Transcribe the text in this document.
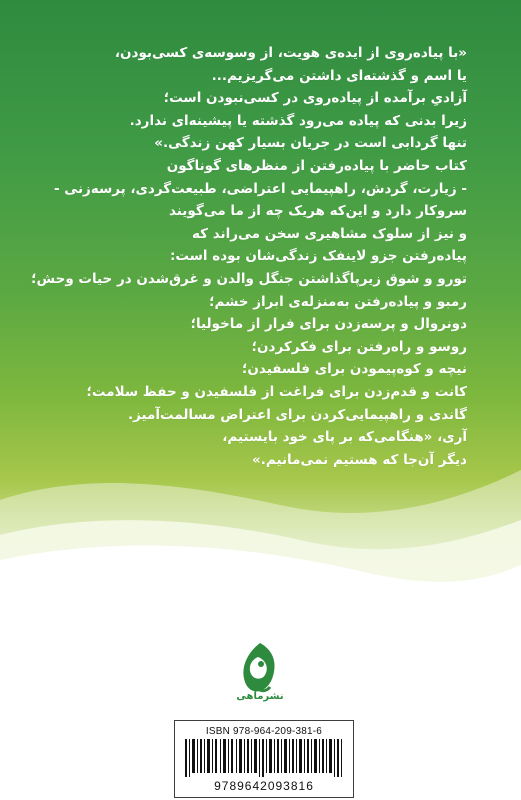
«با پیاده‌روی از ایده‌ی هویت، از وسوسه‌ی کسی‌بودن،
یا اسم و گذشته‌ای داشتن می‌گریزیم...
آزادیِ برآمده از پیاده‌روی در کسی‌نبودن است؛
زیرا بدنی که پیاده می‌رود گذشته یا پیشینه‌ای ندارد.
تنها گردابی است در جریان بسیار کهن زندگی.»
کتاب حاضر با پیاده‌رفتن از منظرهای گوناگون
- زیارت، گردش، راهپیمایی اعتراضی، طبیعت‌گردی، پرسه‌زنی -
سروکار دارد و این‌که هریک چه از ما می‌گویند
و نیز از سلوک مشاهیری سخن می‌راند که
پیاده‌رفتن جزو لاینفک زندگی‌شان بوده است:
تورو و شوق زیرپاگذاشتن جنگل والدن و غرق‌شدن در حیات وحش؛
رمبو و پیاده‌رفتن به‌منزله‌ی ابراز خشم؛
دونروال و پرسه‌زدن برای فرار از ماخولیا؛
روسو و راه‌رفتن برای فکرکردن؛
نیچه و کوه‌پیمودن برای فلسفیدن؛
کانت و قدم‌زدن برای فراغت از فلسفیدن و حفظ سلامت؛
گاندی و راهپیمایی‌کردن برای اعتراض مسالمت‌آمیز.
آری، «هنگامی‌که بر پای خود بایستیم،
دیگر آن‌جا که هستیم نمی‌مانیم.»
نشرماهی
ISBN 978-964-209-381-6
9789642093816
